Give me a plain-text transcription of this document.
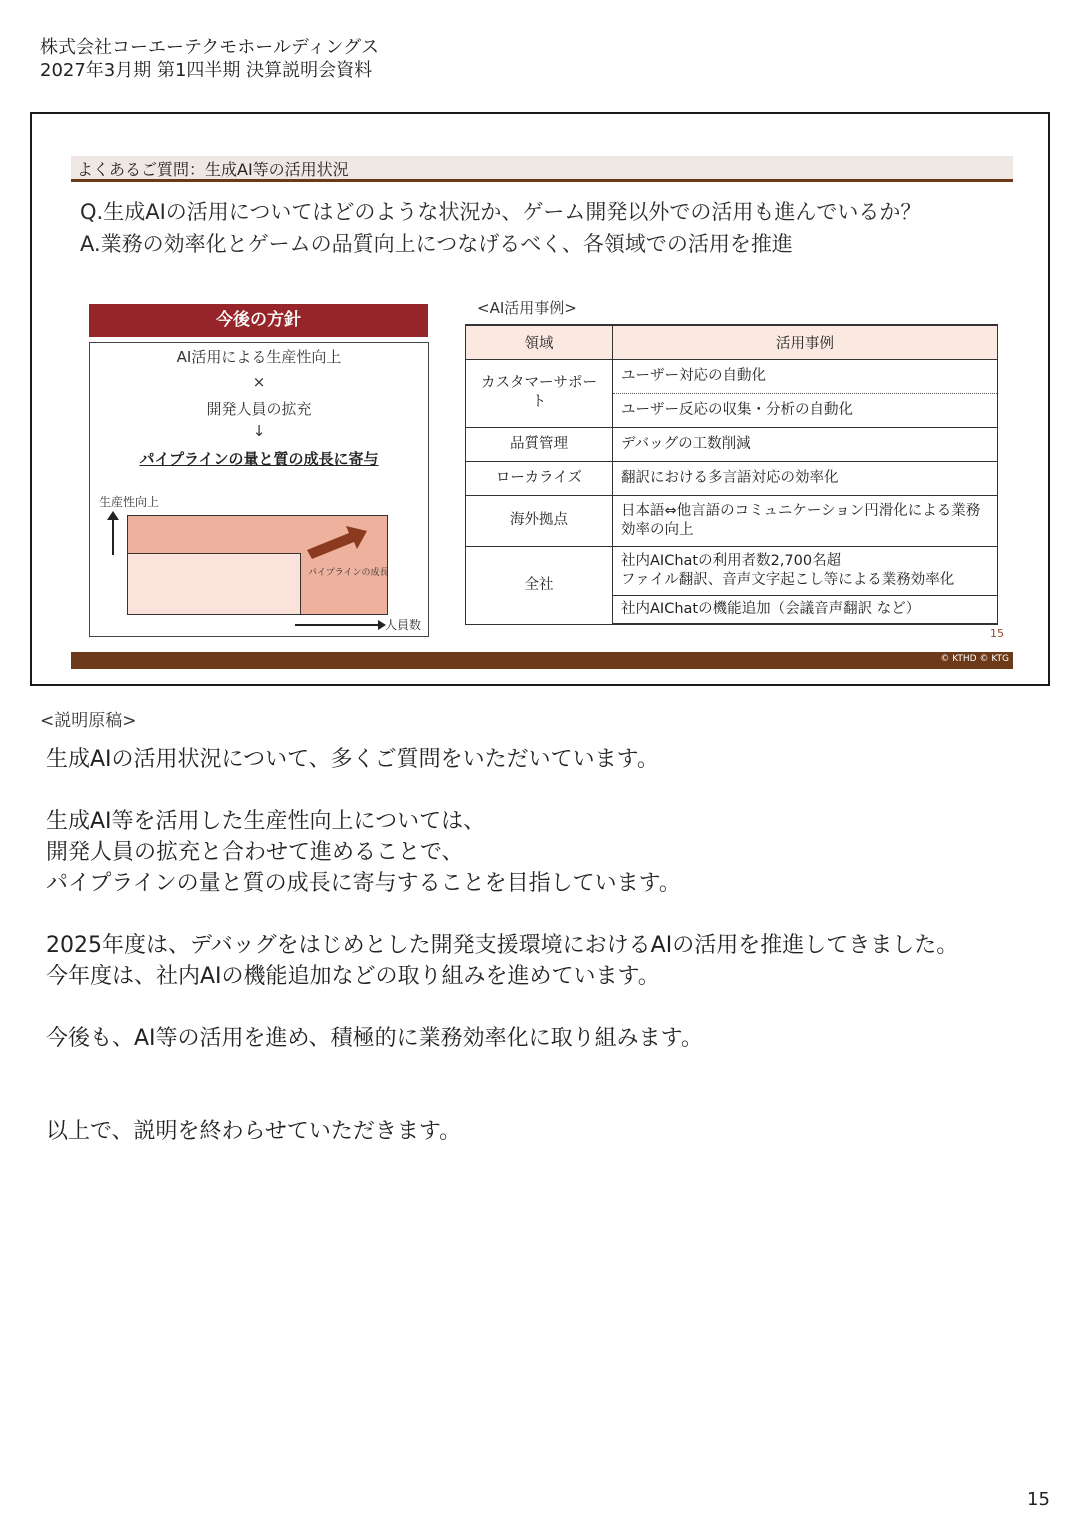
株式会社コーエーテクモホールディングス
2027年3月期 第1四半期 決算説明会資料
よくあるご質問：生成AI等の活用状況
Q.生成AIの活用についてはどのような状況か、ゲーム開発以外での活用も進んでいるか？
A.業務の効率化とゲームの品質向上につなげるべく、各領域での活用を推進
今後の方針
AI活用による生産性向上
×
開発人員の拡充
↓
パイプラインの量と質の成長に寄与
生産性向上
パイプラインの成長
人員数
<AI活用事例>
領域	活用事例
カスタマーサポート	ユーザー対応の自動化
	ユーザー反応の収集・分析の自動化
品質管理	デバッグの工数削減
ローカライズ	翻訳における多言語対応の効率化
海外拠点	日本語⇔他言語のコミュニケーション円滑化による業務効率の向上
全社	社内AIChatの利用者数2,700名超
ファイル翻訳、音声文字起こし等による業務効率化
	社内AIChatの機能追加（会議音声翻訳 など）
15
© KTHD © KTG
<説明原稿>

生成AIの活用状況について、多くご質問をいただいています。

生成AI等を活用した生産性向上については、

開発人員の拡充と合わせて進めることで、

パイプラインの量と質の成長に寄与することを目指しています。

2025年度は、デバッグをはじめとした開発支援環境におけるAIの活用を推進してきました。

今年度は、社内AIの機能追加などの取り組みを進めています。

今後も、AI等の活用を進め、積極的に業務効率化に取り組みます。

以上で、説明を終わらせていただきます。

15
